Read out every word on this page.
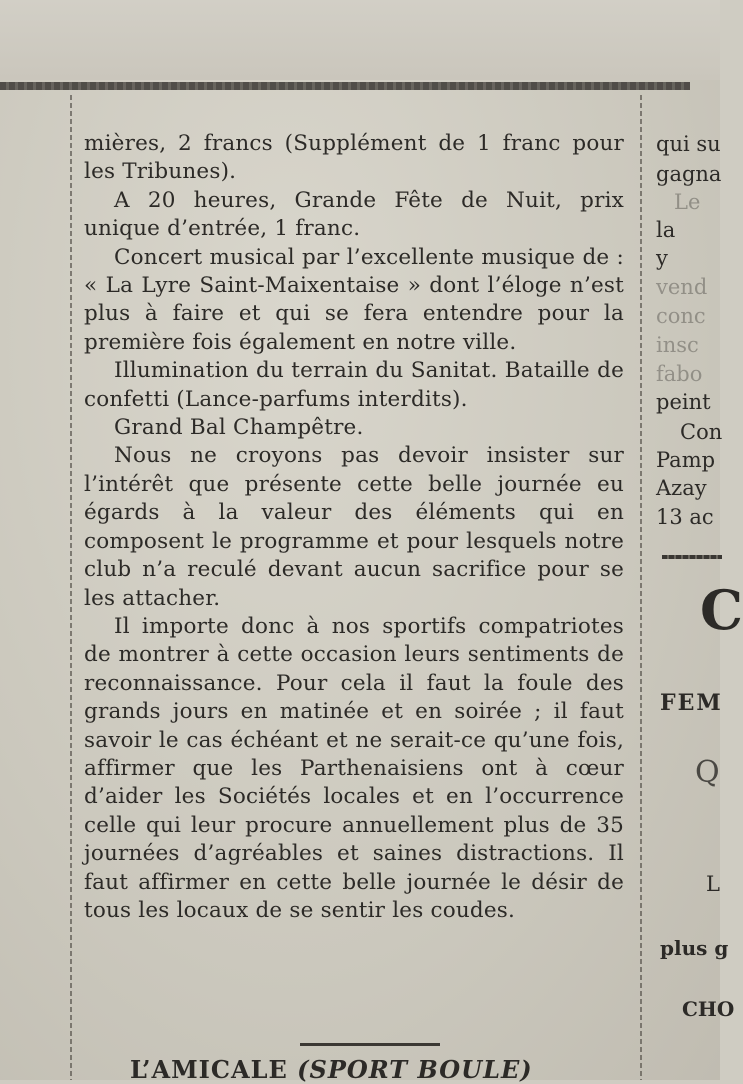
mières, 2 francs (Supplément de 1 franc pour les Tribunes).

A 20 heures, Grande Fête de Nuit, prix unique d’entrée, 1 franc.

Concert musical par l’excellente musique de : « La Lyre Saint-Maixentaise » dont l’éloge n’est plus à faire et qui se fera entendre pour la première fois également en notre ville.

Illumination du terrain du Sanitat. Bataille de confetti (Lance-parfums interdits).

Grand Bal Champêtre.

Nous ne croyons pas devoir insister sur l’intérêt que présente cette belle journée eu égards à la valeur des éléments qui en composent le programme et pour lesquels notre club n’a reculé devant aucun sacrifice pour se les attacher.

Il importe donc à nos sportifs compatriotes de montrer à cette occasion leurs sentiments de reconnaissance. Pour cela il faut la foule des grands jours en matinée et en soirée ; il faut savoir le cas échéant et ne serait-ce qu’une fois, affirmer que les Parthenaisiens ont à cœur d’aider les Sociétés locales et en l’occurrence celle qui leur procure annuellement plus de 35 journées d’agréables et saines distractions. Il faut affirmer en cette belle journée le désir de tous les locaux de se sentir les coudes.

L’AMICALE (SPORT BOULE)
qui su
gagna
Le
la
y
vend
conc
insc
fabo
peint
Con
Pamp
Azay
13 ac
C
FEM
Q
L
plus g
CHO
